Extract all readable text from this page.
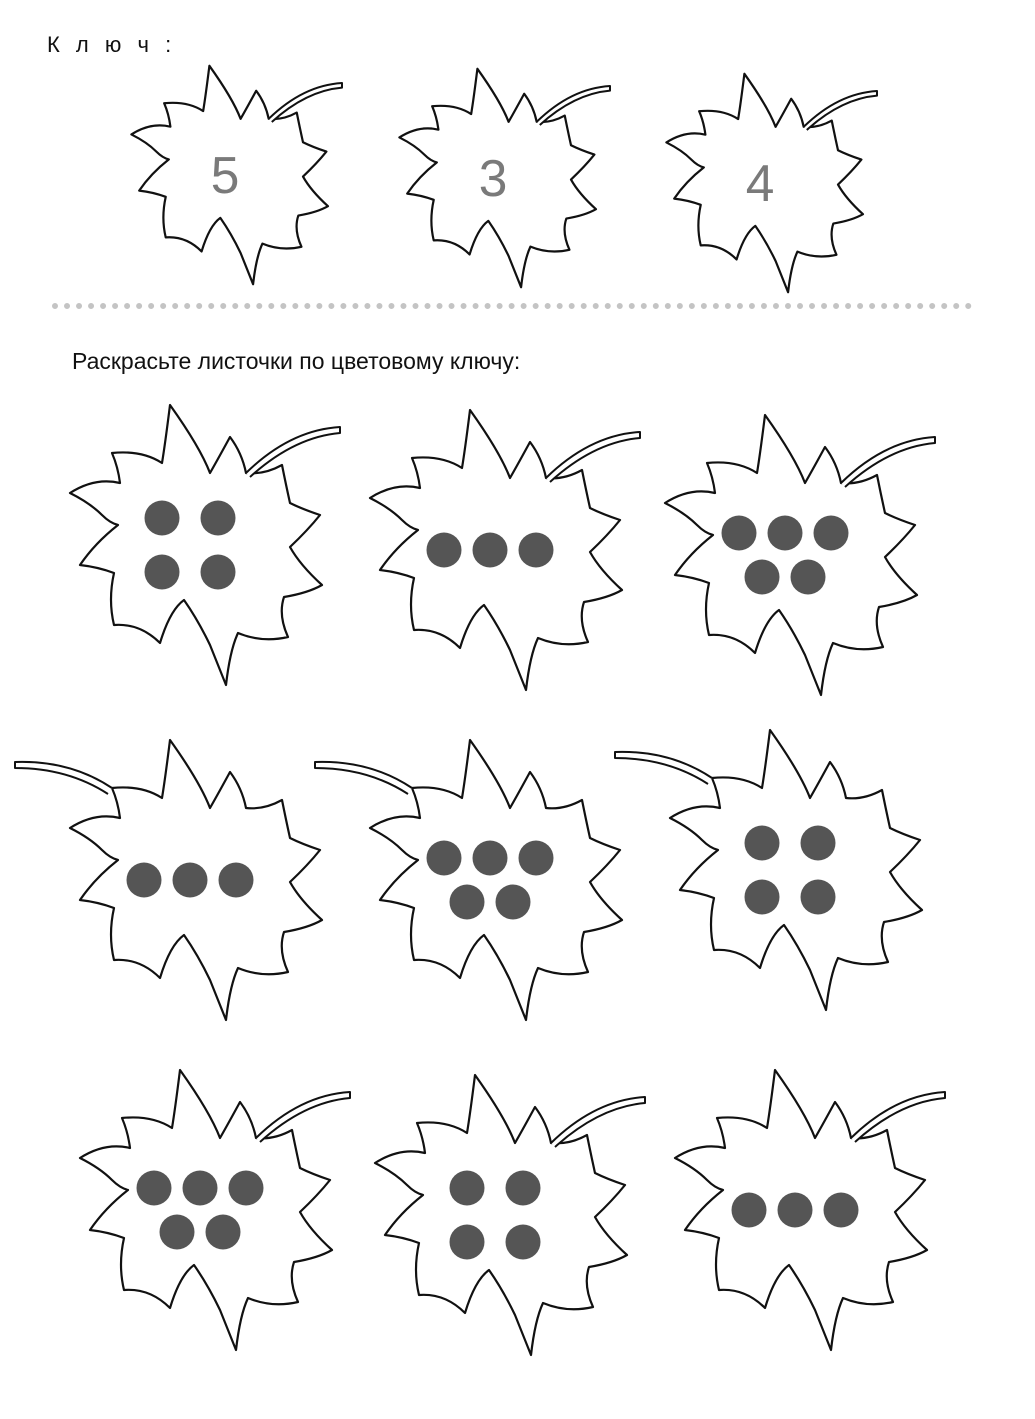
К л ю ч :
Раскрасьте листочки по цветовому ключу:
5	3	4
